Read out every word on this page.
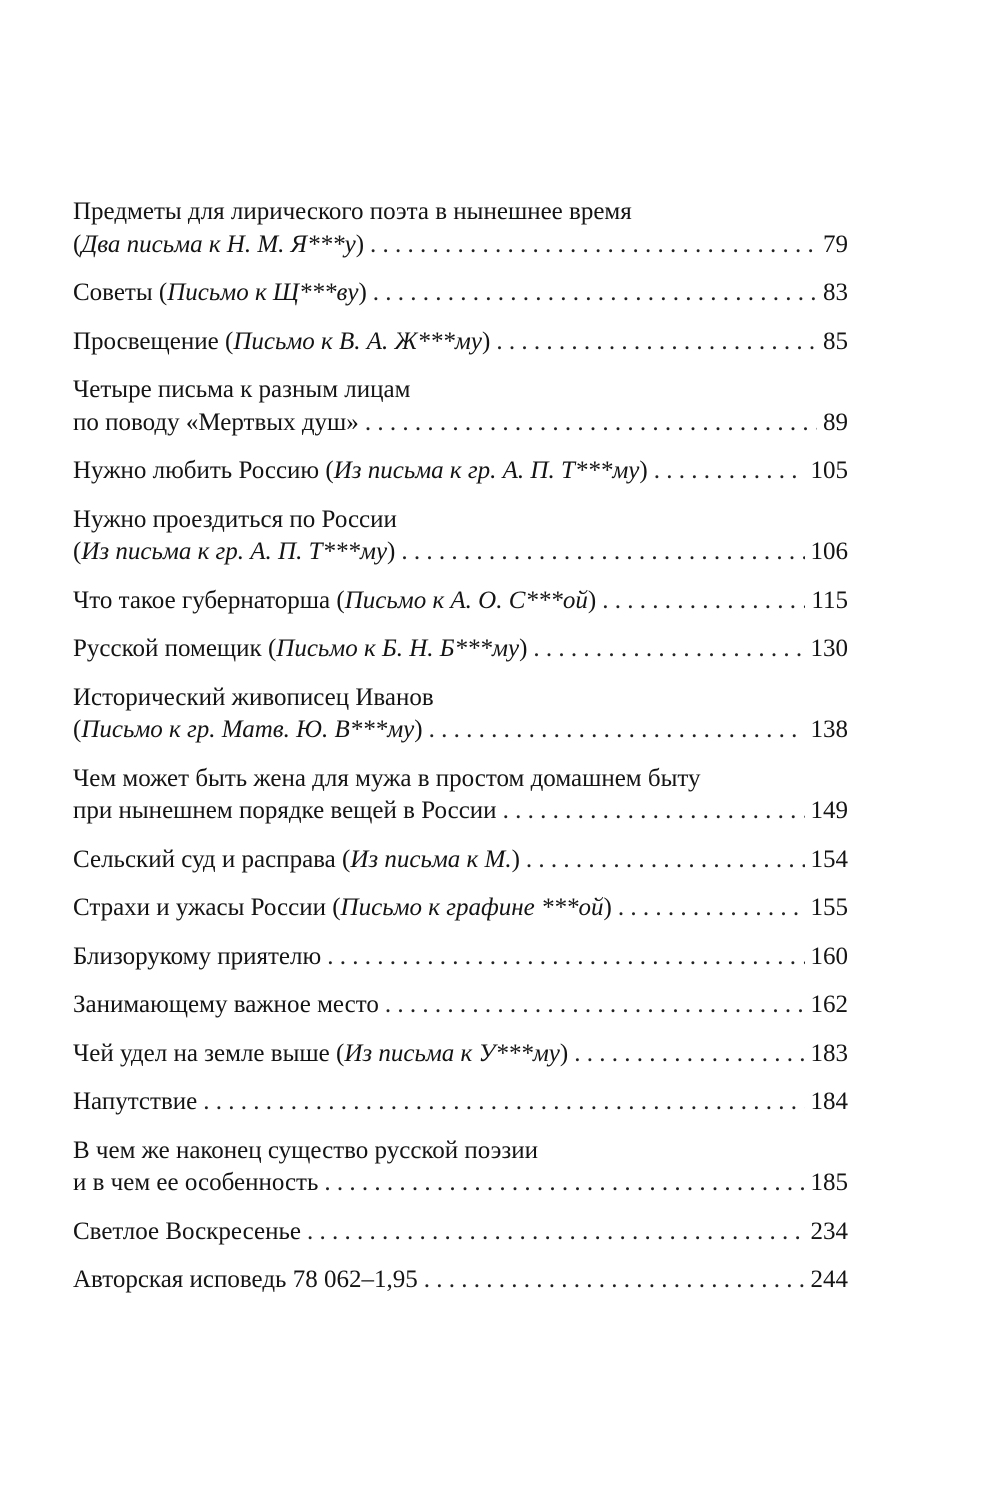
Предметы для лирического поэта в нынешнее время
(Два письма к Н. М. Я***у) . . .	79
Советы (Письмо к Щ***ву) . . .	83
Просвещение (Письмо к В. А. Ж***му) . . .	85
Четыре письма к разным лицам
по поводу «Мертвых душ» . . .	89
Нужно любить Россию (Из письма к гр. А. П. Т***му) . . .	105
Нужно проездиться по России
(Из письма к гр. А. П. Т***му) . . .	106
Что такое губернаторша (Письмо к А. О. С***ой) . . .	115
Русской помещик (Письмо к Б. Н. Б***му) . . .	130
Исторический живописец Иванов
(Письмо к гр. Матв. Ю. В***му) . . .	138
Чем может быть жена для мужа в простом домашнем быту
при нынешнем порядке вещей в России . . .	149
Сельский суд и расправа (Из письма к М.) . . .	154
Страхи и ужасы России (Письмо к графине ***ой) . . .	155
Близорукому приятелю . . .	160
Занимающему важное место . . .	162
Чей удел на земле выше (Из письма к У***му) . . .	183
Напутствие . . .	184
В чем же наконец существо русской поэзии
и в чем ее особенность . . .	185
Светлое Воскресенье . . .	234
Авторская исповедь 78 062–1,95 . . .	244
